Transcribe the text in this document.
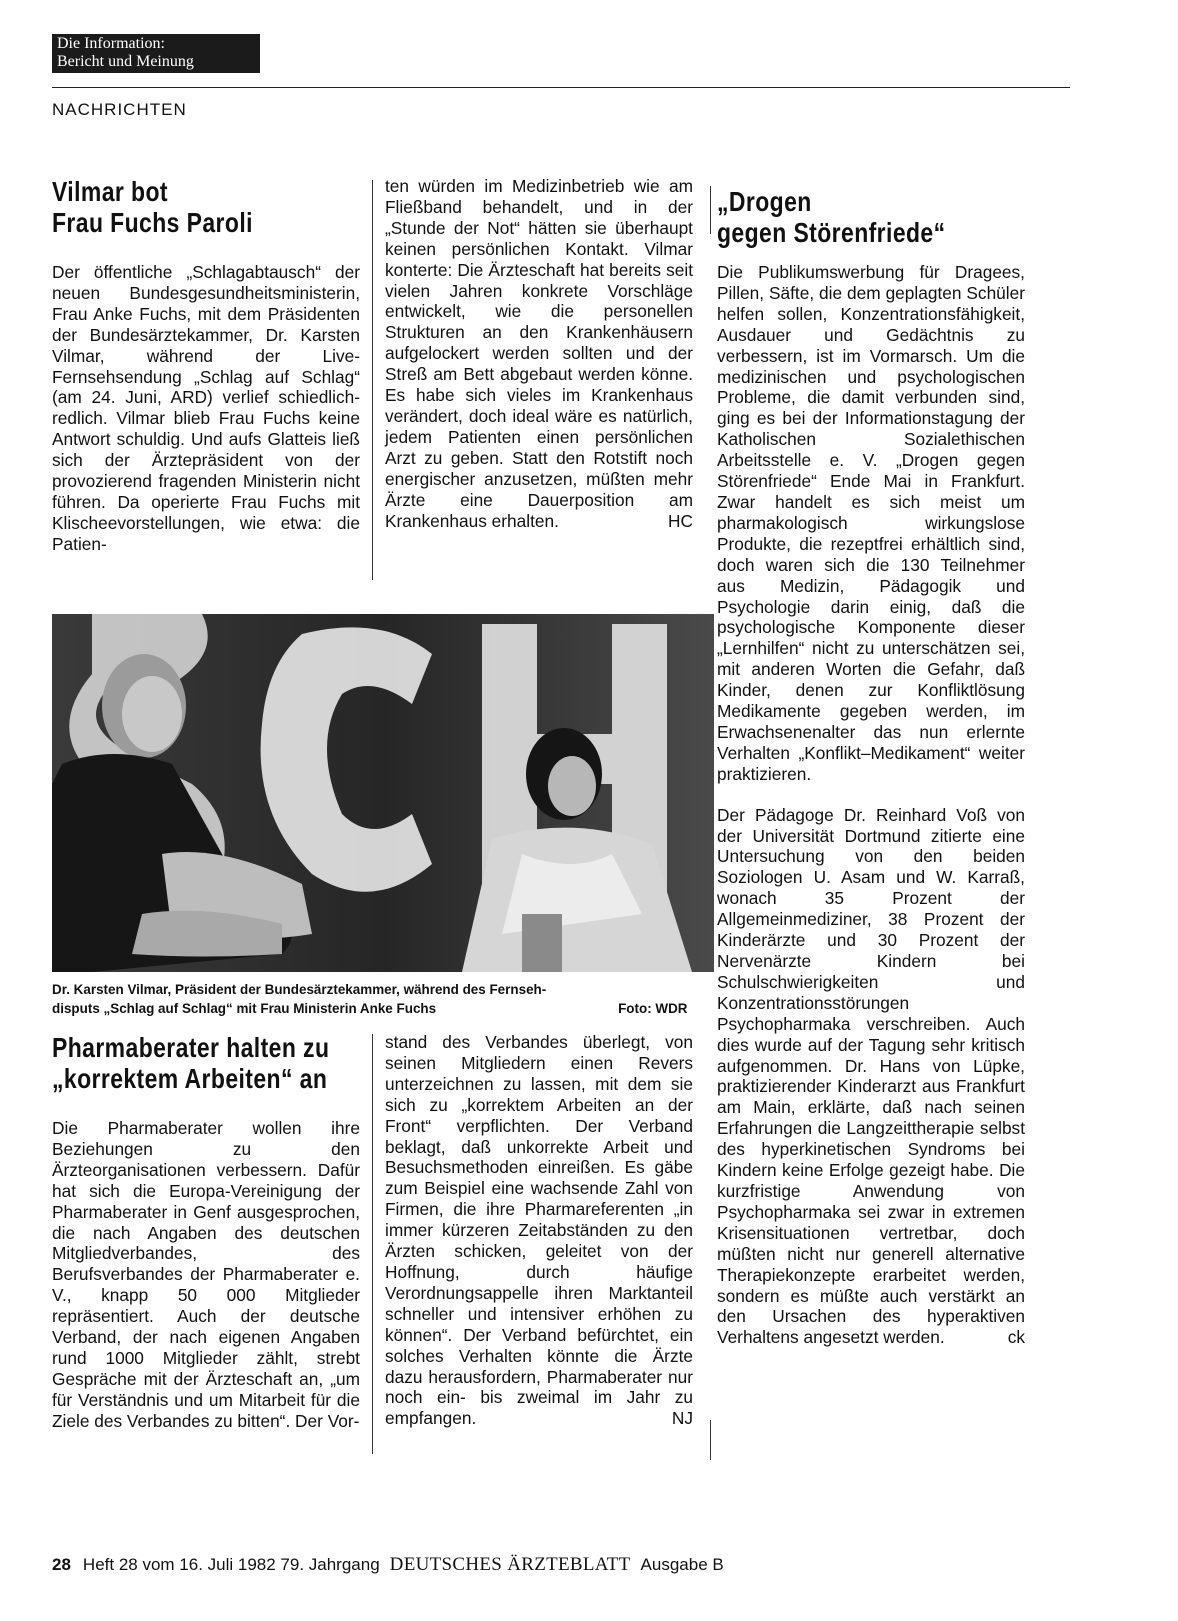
Die Information:
Bericht und Meinung
NACHRICHTEN
Vilmar bot
Frau Fuchs Paroli

Der öffentliche „Schlagabtausch“ der neuen Bundesgesundheitsministerin, Frau Anke Fuchs, mit dem Präsidenten der Bundesärztekammer, Dr. Karsten Vilmar, während der Live-Fernsehsendung „Schlag auf Schlag“ (am 24. Juni, ARD) verlief schiedlich-redlich. Vilmar blieb Frau Fuchs keine Antwort schuldig. Und aufs Glatteis ließ sich der Ärztepräsident von der provozierend fragenden Ministerin nicht führen. Da operierte Frau Fuchs mit Klischeevorstellungen, wie etwa: die Patien-

ten würden im Medizinbetrieb wie am Fließband behandelt, und in der „Stunde der Not“ hätten sie überhaupt keinen persönlichen Kontakt. Vilmar konterte: Die Ärzteschaft hat bereits seit vielen Jahren konkrete Vorschläge entwickelt, wie die personellen Strukturen an den Krankenhäusern aufgelockert werden sollten und der Streß am Bett abgebaut werden könne. Es habe sich vieles im Krankenhaus verändert, doch ideal wäre es natürlich, jedem Patienten einen persönlichen Arzt zu geben. Statt den Rotstift noch energischer anzusetzen, müßten mehr Ärzte eine Dauerposition am Krankenhaus erhalten.	HC

Dr. Karsten Vilmar, Präsident der Bundesärztekammer, während des Fernseh-
disputs „Schlag auf Schlag“ mit Frau Ministerin Anke Fuchs	Foto: WDR
Pharmaberater halten zu
„korrektem Arbeiten“ an

Die Pharmaberater wollen ihre Beziehungen zu den Ärzteorganisationen verbessern. Dafür hat sich die Europa-Vereinigung der Pharmaberater in Genf ausgesprochen, die nach Angaben des deutschen Mitgliedverbandes, des Berufsverbandes der Pharmaberater e. V., knapp 50 000 Mitglieder repräsentiert. Auch der deutsche Verband, der nach eigenen Angaben rund 1000 Mitglieder zählt, strebt Gespräche mit der Ärzteschaft an, „um für Verständnis und um Mitarbeit für die Ziele des Verbandes zu bitten“. Der Vor-

stand des Verbandes überlegt, von seinen Mitgliedern einen Revers unterzeichnen zu lassen, mit dem sie sich zu „korrektem Arbeiten an der Front“ verpflichten. Der Verband beklagt, daß unkorrekte Arbeit und Besuchsmethoden einreißen. Es gäbe zum Beispiel eine wachsende Zahl von Firmen, die ihre Pharmareferenten „in immer kürzeren Zeitabständen zu den Ärzten schicken, geleitet von der Hoffnung, durch häufige Verordnungsappelle ihren Marktanteil schneller und intensiver erhöhen zu können“. Der Verband befürchtet, ein solches Verhalten könnte die Ärzte dazu herausfordern, Pharmaberater nur noch ein- bis zweimal im Jahr zu empfangen.	NJ

„Drogen
gegen Störenfriede“

Die Publikumswerbung für Dragees, Pillen, Säfte, die dem geplagten Schüler helfen sollen, Konzentrationsfähigkeit, Ausdauer und Gedächtnis zu verbessern, ist im Vormarsch. Um die medizinischen und psychologischen Probleme, die damit verbunden sind, ging es bei der Informationstagung der Katholischen Sozialethischen Arbeitsstelle e. V. „Drogen gegen Störenfriede“ Ende Mai in Frankfurt. Zwar handelt es sich meist um pharmakologisch wirkungslose Produkte, die rezeptfrei erhältlich sind, doch waren sich die 130 Teilnehmer aus Medizin, Pädagogik und Psychologie darin einig, daß die psychologische Komponente dieser „Lernhilfen“ nicht zu unterschätzen sei, mit anderen Worten die Gefahr, daß Kinder, denen zur Konfliktlösung Medikamente gegeben werden, im Erwachsenenalter das nun erlernte Verhalten „Konflikt–Medikament“ weiter praktizieren.

Der Pädagoge Dr. Reinhard Voß von der Universität Dortmund zitierte eine Untersuchung von den beiden Soziologen U. Asam und W. Karraß, wonach 35 Prozent der Allgemeinmediziner, 38 Prozent der Kinderärzte und 30 Prozent der Nervenärzte Kindern bei Schulschwierigkeiten und Konzentrationsstörungen Psychopharmaka verschreiben. Auch dies wurde auf der Tagung sehr kritisch aufgenommen. Dr. Hans von Lüpke, praktizierender Kinderarzt aus Frankfurt am Main, erklärte, daß nach seinen Erfahrungen die Langzeittherapie selbst des hyperkinetischen Syndroms bei Kindern keine Erfolge gezeigt habe. Die kurzfristige Anwendung von Psychopharmaka sei zwar in extremen Krisensituationen vertretbar, doch müßten nicht nur generell alternative Therapiekonzepte erarbeitet werden, sondern es müßte auch verstärkt an den Ursachen des hyperaktiven Verhaltens angesetzt werden.	ck

28 Heft 28 vom 16. Juli 1982 79. Jahrgang DEUTSCHES ÄRZTEBLATT Ausgabe B
